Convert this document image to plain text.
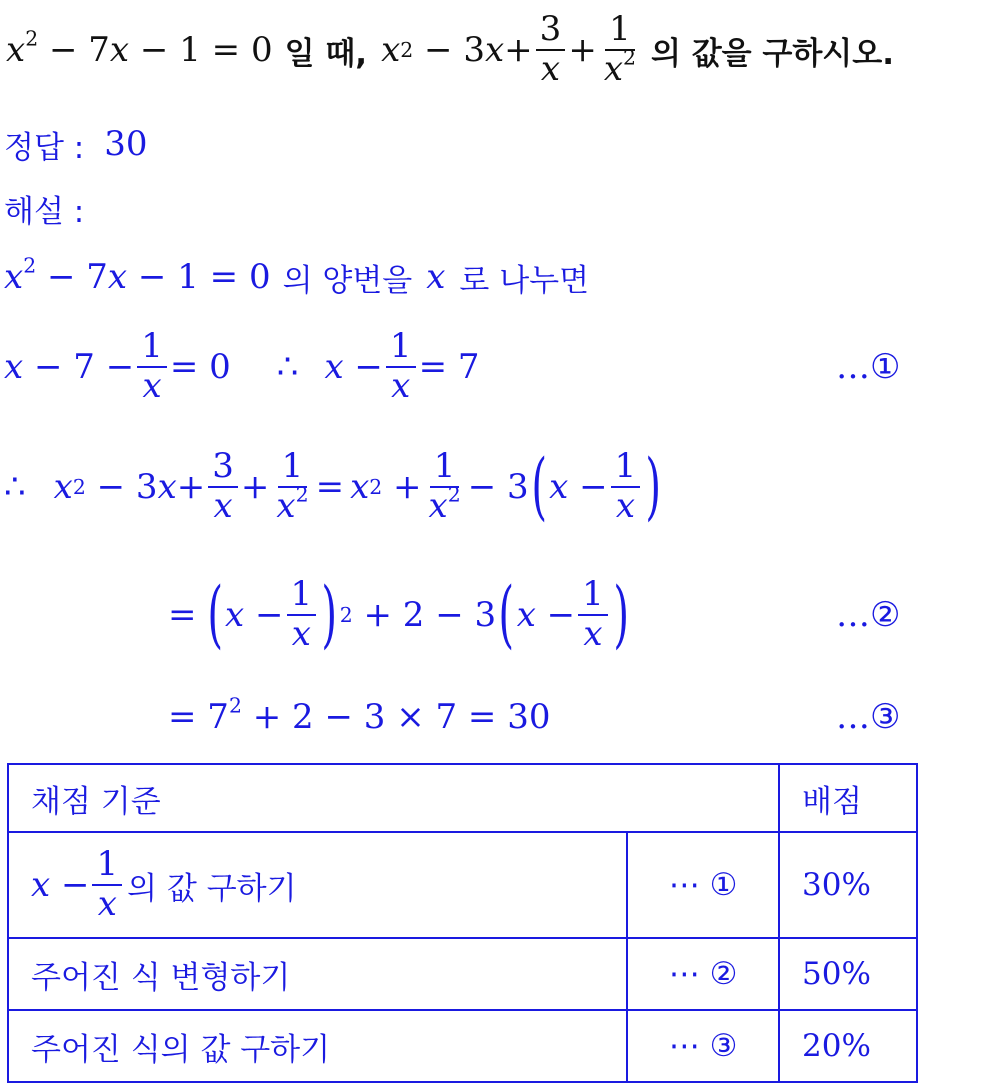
$x^2 - 7x - 1 = 0$ 일 때, x 2 − 3 $x + \frac{3}{x} + \frac{1}{x^2}$ 의 값을 구하시오.
정답 : 30
해설 :
$x^2 - 7x - 1 = 0$ 의 양변을 x 로 나누면
$x - 7 - \frac{1}{x} = 0$ ∴ $x - \frac{1}{x} = 7$	…①
∴ x 2 − 3 $x + \frac{3}{x} + \frac{1}{x^2} = x$ $2 + \frac{1}{x^2} - 3$ ( $x - \frac{1}{x}$ )
= ( $x - \frac{1}{x}$ ) 2 + 2 − 3 ( $x - \frac{1}{x}$ )	…②
= $7^2 + 2 - 3 \times 7 = 30$	…③
채점 기준		배점

$x - \frac{1}{x}$ 의 값 구하기	⋯ ①	30%
주어진 식 변형하기	⋯ ②	50%
주어진 식의 값 구하기	⋯ ③	20%
